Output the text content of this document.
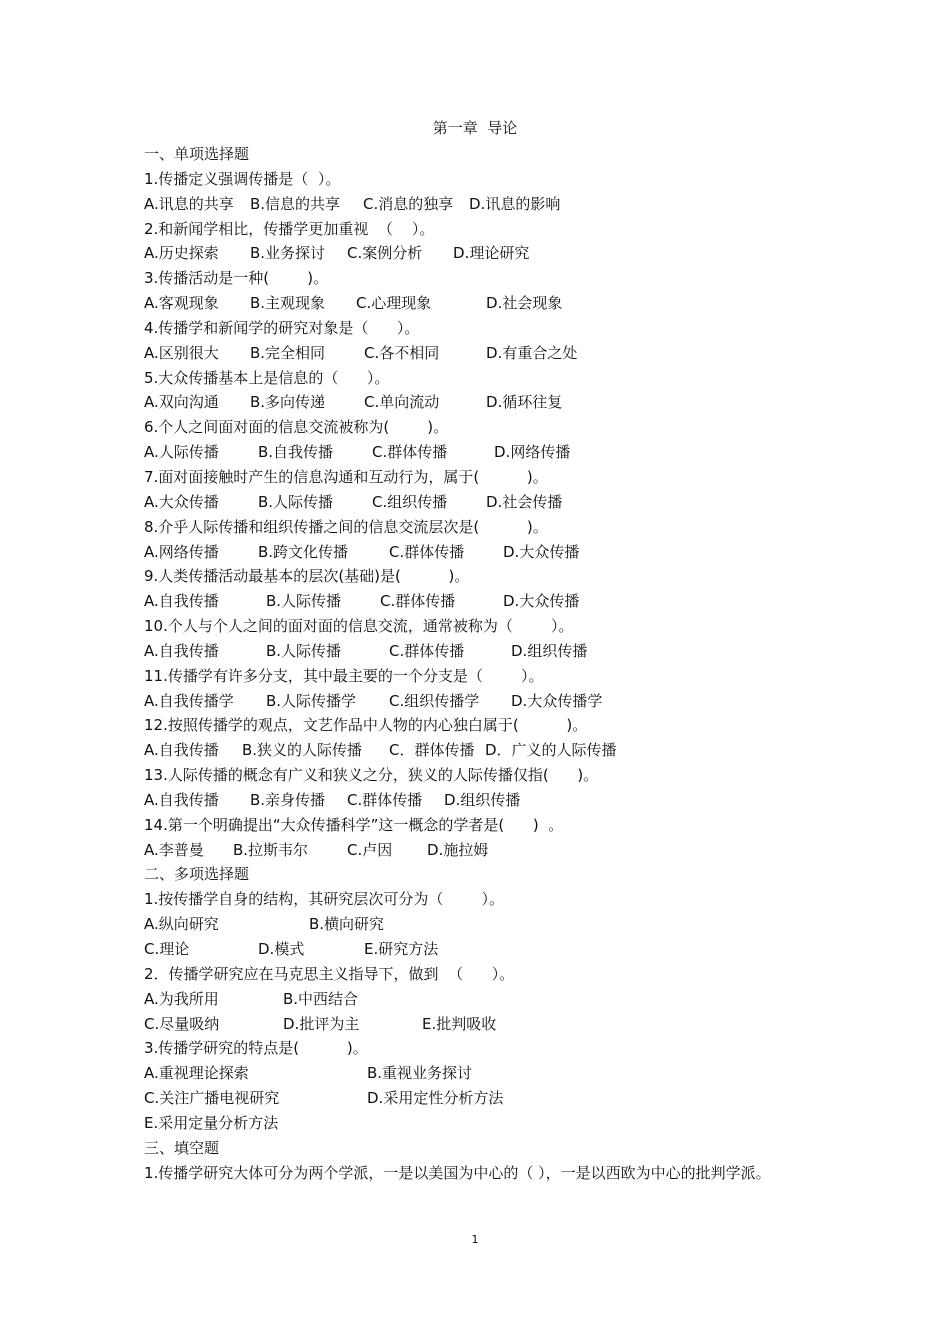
第一章  导论
一、单项选择题
1.传播定义强调传播是（  ）。

A.讯息的共享

B.信息的共享

C.消息的独享

D.讯息的影响

2.和新闻学相比，传播学更加重视  （    ）。

A.历史探索

B.业务探讨

C.案例分析

D.理论研究

3.传播活动是一种(        )。

A.客观现象

B.主观现象

C.心理现象

	D.社会现象

4.传播学和新闻学的研究对象是（      ）。

A.区别很大

B.完全相同

	C.各不相同

	D.有重合之处

5.大众传播基本上是信息的（      ）。

A.双向沟通

B.多向传递

	C.单向流动

	D.循环往复

6.个人之间面对面的信息交流被称为(        )。

A.人际传播

	B.自我传播

	C.群体传播

	D.网络传播

7.面对面接触时产生的信息沟通和互动行为，属于(          )。

A.大众传播

	B.人际传播

	C.组织传播

	D.社会传播

8.介乎人际传播和组织传播之间的信息交流层次是(          )。

A.网络传播

	B.跨文化传播

	C.群体传播

	D.大众传播

9.人类传播活动最基本的层次(基础)是(          )。

A.自我传播

	B.人际传播

	C.群体传播

	D.大众传播

10.个人与个人之间的面对面的信息交流，通常被称为（        ）。

A.自我传播

	B.人际传播

	C.群体传播

	D.组织传播

11.传播学有许多分支，其中最主要的一个分支是（        ）。

A.自我传播学

B.人际传播学

C.组织传播学

D.大众传播学

12.按照传播学的观点，文艺作品中人物的内心独白属于(          )。

A.自我传播

B.狭义的人际传播

C．群体传播

D．广义的人际传播

13.人际传播的概念有广义和狭义之分，狭义的人际传播仅指(      )。

A.自我传播

B.亲身传播

C.群体传播

D.组织传播

14.第一个明确提出“大众传播科学”这一概念的学者是(      )  。

A.李普曼

B.拉斯韦尔

	C.卢因

D.施拉姆

二、多项选择题
1.按传播学自身的结构，其研究层次可分为（        ）。

A.纵向研究

	B.横向研究

C.理论

	D.模式

	E.研究方法

2．传播学研究应在马克思主义指导下，做到  （      ）。

A.为我所用

	B.中西结合

C.尽量吸纳

	D.批评为主

	E.批判吸收

3.传播学研究的特点是(          )。

A.重视理论探索

	B.重视业务探讨

C.关注广播电视研究

	D.采用定性分析方法

E.采用定量分析方法
三、填空题
1.传播学研究大体可分为两个学派，一是以美国为中心的（ ），一是以西欧为中心的批判学派。
1
